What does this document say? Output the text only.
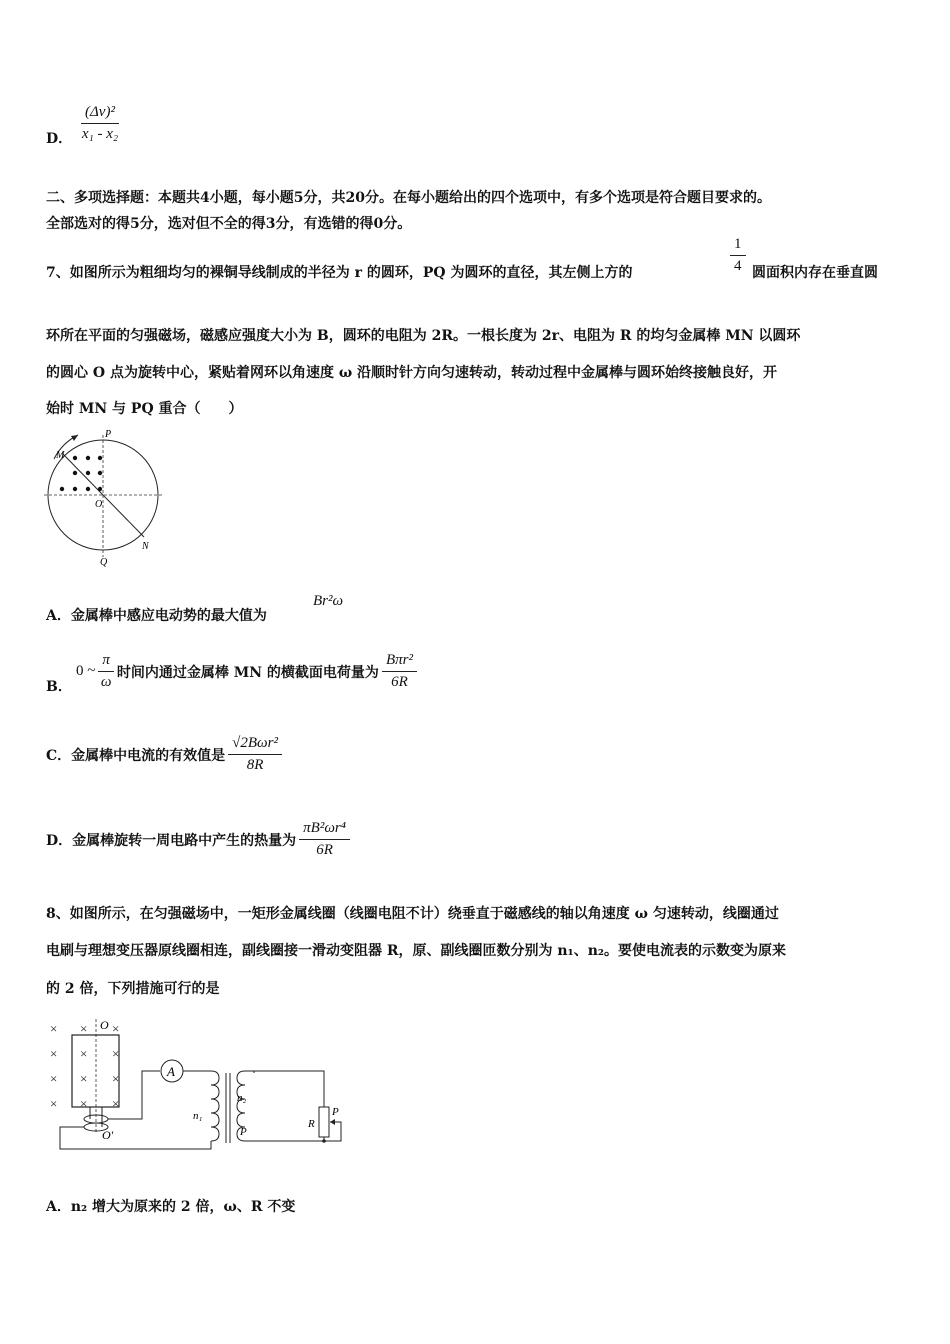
D． $\frac{\text{(Δv)²}}{\text{x₁ - x₂}}$
二、多项选择题：本题共4小题，每小题5分，共20分。在每小题给出的四个选项中，有多个选项是符合题目要求的。
全部选对的得5分，选对但不全的得3分，有选错的得0分。
7、如图所示为粗细均匀的裸铜导线制成的半径为 r 的圆环，PQ 为圆环的直径，其左侧上方的	$\frac{1}{4}$ 圆面积内存在垂直圆
环所在平面的匀强磁场，磁感应强度大小为 B，圆环的电阻为 2R。一根长度为 2r、电阻为 R 的均匀金属棒 MN 以圆环
的圆心 O 点为旋转中心，紧贴着网环以角速度 ω 沿顺时针方向匀速转动，转动过程中金属棒与圆环始终接触良好，开
始时 MN 与 PQ 重合（　　）
P
Q
M
N
O
A．金属棒中感应电动势的最大值为
Br²ω
B．
0 ~ $\frac{\pi}{\omega}$ 时间内通过金属棒 MN 的横截面电荷量为 $\frac{\text{Bπr²}}{6R}$
C．金属棒中电流的有效值是 $\frac{\text{√2Bωr²}}{8R}$
D．金属棒旋转一周电路中产生的热量为 $\frac{\text{πB²ωr⁴}}{6R}$
8、如图所示，在匀强磁场中，一矩形金属线圈（线圈电阻不计）绕垂直于磁感线的轴以角速度 ω 匀速转动，线圈通过
电刷与理想变压器原线圈相连，副线圈接一滑动变阻器 R，原、副线圈匝数分别为 n₁、n₂。要使电流表的示数变为原来
的 2 倍，下列措施可行的是
×
×
×
×
×
×
×
×
×
×
×
×
A
n₁
n₂
P
R
P
O
O'
A．n₂ 增大为原来的 2 倍，ω、R 不变
